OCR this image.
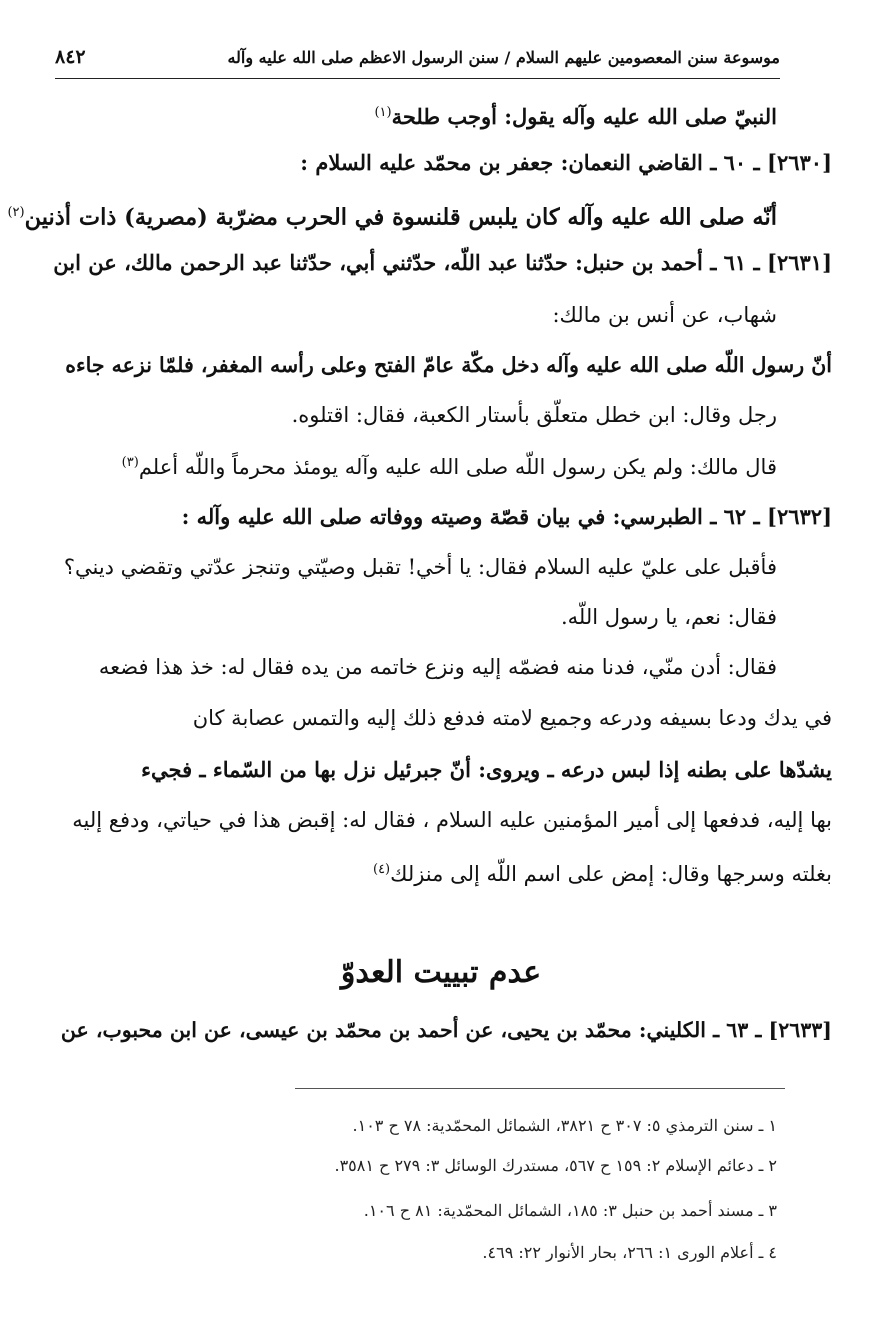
موسوعة سنن المعصومين عليهم السلام / سنن الرسول الاعظم صلى الله عليه وآله
٨٤٢
النبيّ صلى الله عليه وآله يقول: أوجب طلحة$^{(١)}$
[٢٦٣٠] ـ ٦٠ ـ القاضي النعمان: جعفر بن محمّد عليه السلام :
أنّه صلى الله عليه وآله كان يلبس قلنسوة في الحرب مضرّبة (مصرية) ذات أذنين$^{(٢)}$
[٢٦٣١] ـ ٦١ ـ أحمد بن حنبل: حدّثنا عبد اللّه، حدّثني أبي، حدّثنا عبد الرحمن مالك، عن ابن
شهاب، عن أنس بن مالك:
أنّ رسول اللّه صلى الله عليه وآله دخل مكّة عامّ الفتح وعلى رأسه المغفر، فلمّا نزعه جاءه
رجل وقال: ابن خطل متعلّق بأستار الكعبة، فقال: اقتلوه.
قال مالك: ولم يكن رسول اللّه صلى الله عليه وآله يومئذ محرماً واللّه أعلم$^{(٣)}$
[٢٦٣٢] ـ ٦٢ ـ الطبرسي: في بيان قصّة وصيته ووفاته صلى الله عليه وآله :
فأقبل على عليّ عليه السلام فقال: يا أخي! تقبل وصيّتي وتنجز عدّتي وتقضي ديني؟
فقال: نعم، يا رسول اللّه.
فقال: أدن منّي، فدنا منه فضمّه إليه ونزع خاتمه من يده فقال له: خذ هذا فضعه
في يدك ودعا بسيفه ودرعه وجميع لامته فدفع ذلك إليه والتمس عصابة كان
يشدّها على بطنه إذا لبس درعه ـ ويروى: أنّ جبرئيل نزل بها من السّماء ـ فجيء
بها إليه، فدفعها إلى أمير المؤمنين عليه السلام ، فقال له: إقبض هذا في حياتي، ودفع إليه
بغلته وسرجها وقال: إمض على اسم اللّه إلى منزلك$^{(٤)}$
عدم تبييت العدوّ
[٢٦٣٣] ـ ٦٣ ـ الكليني: محمّد بن يحيى، عن أحمد بن محمّد بن عيسى، عن ابن محبوب، عن
١ ـ سنن الترمذي ٥: ٣٠٧ ح ٣٨٢١، الشمائل المحمّدية: ٧٨ ح ١٠٣.
٢ ـ دعائم الإسلام ٢: ١٥٩ ح ٥٦٧، مستدرك الوسائل ٣: ٢٧٩ ح ٣٥٨١.
٣ ـ مسند أحمد بن حنبل ٣: ١٨٥، الشمائل المحمّدية: ٨١ ح ١٠٦.
٤ ـ أعلام الورى ١: ٢٦٦، بحار الأنوار ٢٢: ٤٦٩.
